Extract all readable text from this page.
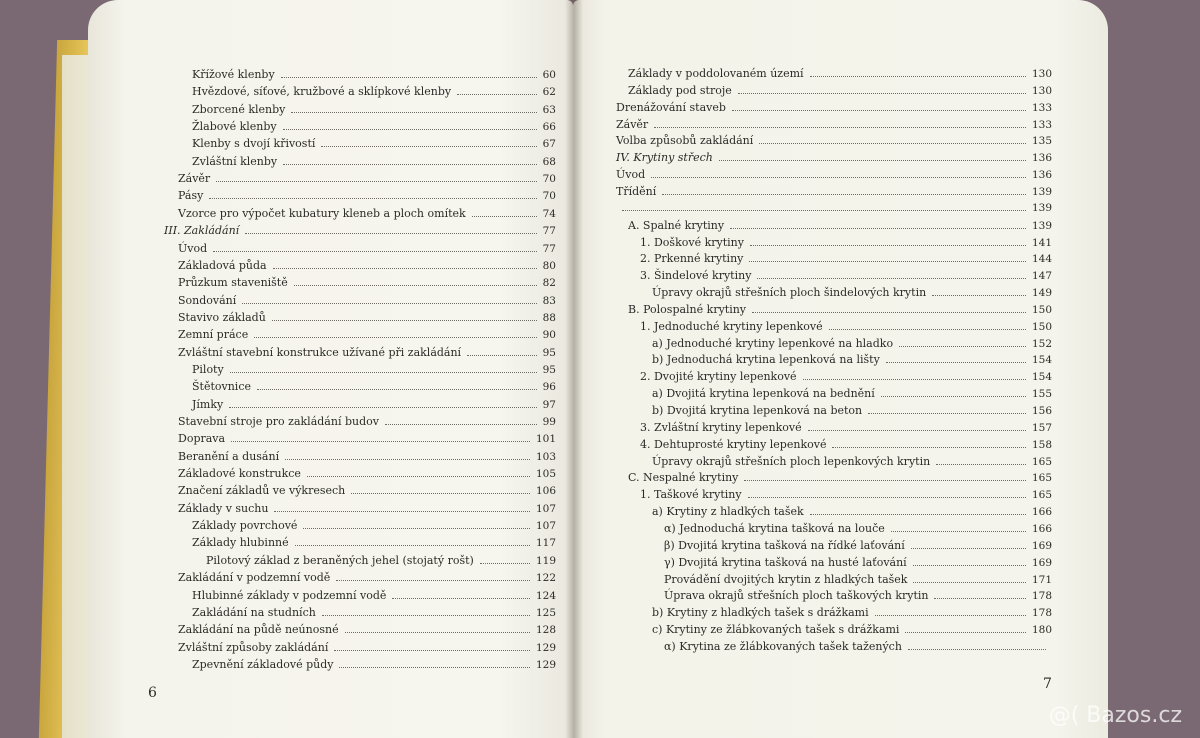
Křížové klenby	60
Hvězdové, síťové, kružbové a sklípkové klenby	62
Zborcené klenby	63
Žlabové klenby	66
Klenby s dvojí křivostí	67
Zvláštní klenby	68
Závěr	70
Pásy	70
Vzorce pro výpočet kubatury kleneb a ploch omítek	74
III. Zakládání	77
Úvod	77
Základová půda	80
Průzkum staveniště	82
Sondování	83
Stavivo základů	88
Zemní práce	90
Zvláštní stavební konstrukce užívané při zakládání	95
Piloty	95
Štětovnice	96
Jímky	97
Stavební stroje pro zakládání budov	99
Doprava	101
Beranění a dusání	103
Základové konstrukce	105
Značení základů ve výkresech	106
Základy v suchu	107
Základy povrchové	107
Základy hlubinné	117
Pilotový základ z beraněných jehel (stojatý rošt)	119
Zakládání v podzemní vodě	122
Hlubinné základy v podzemní vodě	124
Zakládání na studních	125
Zakládání na půdě neúnosné	128
Zvláštní způsoby zakládání	129
Zpevnění základové půdy	129
Základy v poddolovaném území	130
Základy pod stroje	130
Drenážování staveb	133
Závěr	133
Volba způsobů zakládání	135
IV. Krytiny střech	136
Úvod	136
Třídění	139
139
A. Spalné krytiny	139
1. Doškové krytiny	141
2. Prkenné krytiny	144
3. Šindelové krytiny	147
Úpravy okrajů střešních ploch šindelových krytin	149
B. Polospalné krytiny	150
1. Jednoduché krytiny lepenkové	150
a) Jednoduché krytiny lepenkové na hladko	152
b) Jednoduchá krytina lepenková na lišty	154
2. Dvojité krytiny lepenkové	154
a) Dvojitá krytina lepenková na bednění	155
b) Dvojitá krytina lepenková na beton	156
3. Zvláštní krytiny lepenkové	157
4. Dehtuprosté krytiny lepenkové	158
Úpravy okrajů střešních ploch lepenkových krytin	165
C. Nespalné krytiny	165
1. Taškové krytiny	165
a) Krytiny z hladkých tašek	166
α) Jednoduchá krytina tašková na louče	166
β) Dvojitá krytina tašková na řídké laťování	169
γ) Dvojitá krytina tašková na husté laťování	169
Provádění dvojitých krytin z hladkých tašek	171
Úprava okrajů střešních ploch taškových krytin	178
b) Krytiny z hladkých tašek s drážkami	178
c) Krytiny ze žlábkovaných tašek s drážkami	180
α) Krytina ze žlábkovaných tašek tažených
6
7
@( Bazos.cz
